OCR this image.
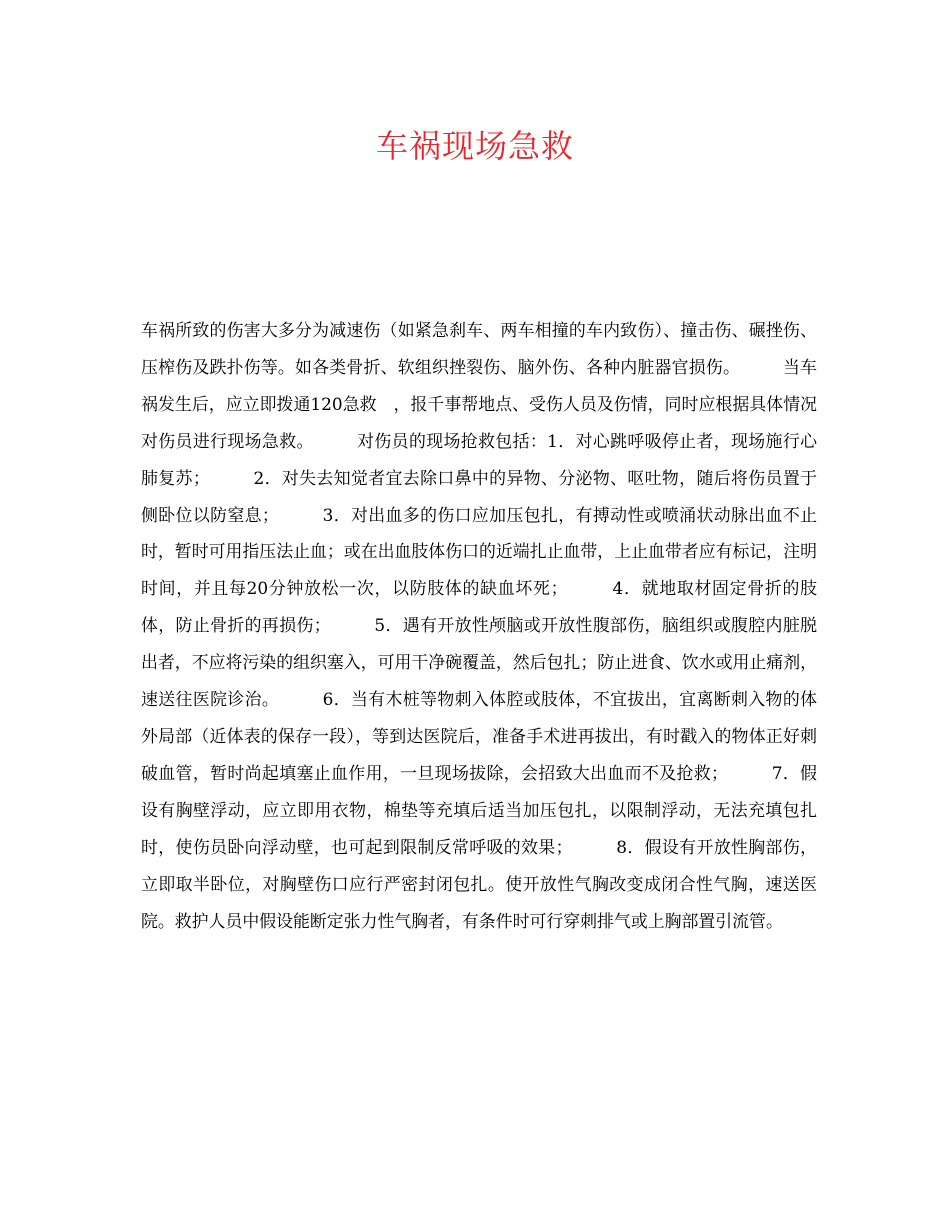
车祸现场急救

车祸所致的伤害大多分为减速伤（如紧急刹车、两车相撞的车内致伤）、撞击伤、碾挫伤、压榨伤及跌扑伤等。如各类骨折、软组织挫裂伤、脑外伤、各种内脏器官损伤。　　　当车祸发生后，应立即拨通120急救　，报千事帮地点、受伤人员及伤情，同时应根据具体情况对伤员进行现场急救。　　　对伤员的现场抢救包括：1．对心跳呼吸停止者，现场施行心肺复苏；　　　2．对失去知觉者宜去除口鼻中的异物、分泌物、呕吐物，随后将伤员置于侧卧位以防窒息；　　　3．对出血多的伤口应加压包扎，有搏动性或喷涌状动脉出血不止时，暂时可用指压法止血；或在出血肢体伤口的近端扎止血带，上止血带者应有标记，注明时间，并且每20分钟放松一次，以防肢体的缺血坏死；　　　4．就地取材固定骨折的肢体，防止骨折的再损伤；　　　5．遇有开放性颅脑或开放性腹部伤，脑组织或腹腔内脏脱出者，不应将污染的组织塞入，可用干净碗覆盖，然后包扎；防止进食、饮水或用止痛剂，速送往医院诊治。　　　6．当有木桩等物刺入体腔或肢体，不宜拔出，宜离断刺入物的体外局部（近体表的保存一段），等到达医院后，准备手术进再拔出，有时戳入的物体正好刺破血管，暂时尚起填塞止血作用，一旦现场拔除，会招致大出血而不及抢救；　　　7．假设有胸壁浮动，应立即用衣物，棉垫等充填后适当加压包扎，以限制浮动，无法充填包扎时，使伤员卧向浮动壁，也可起到限制反常呼吸的效果；　　　8．假设有开放性胸部伤，立即取半卧位，对胸壁伤口应行严密封闭包扎。使开放性气胸改变成闭合性气胸，速送医院。救护人员中假设能断定张力性气胸者，有条件时可行穿刺排气或上胸部置引流管。
